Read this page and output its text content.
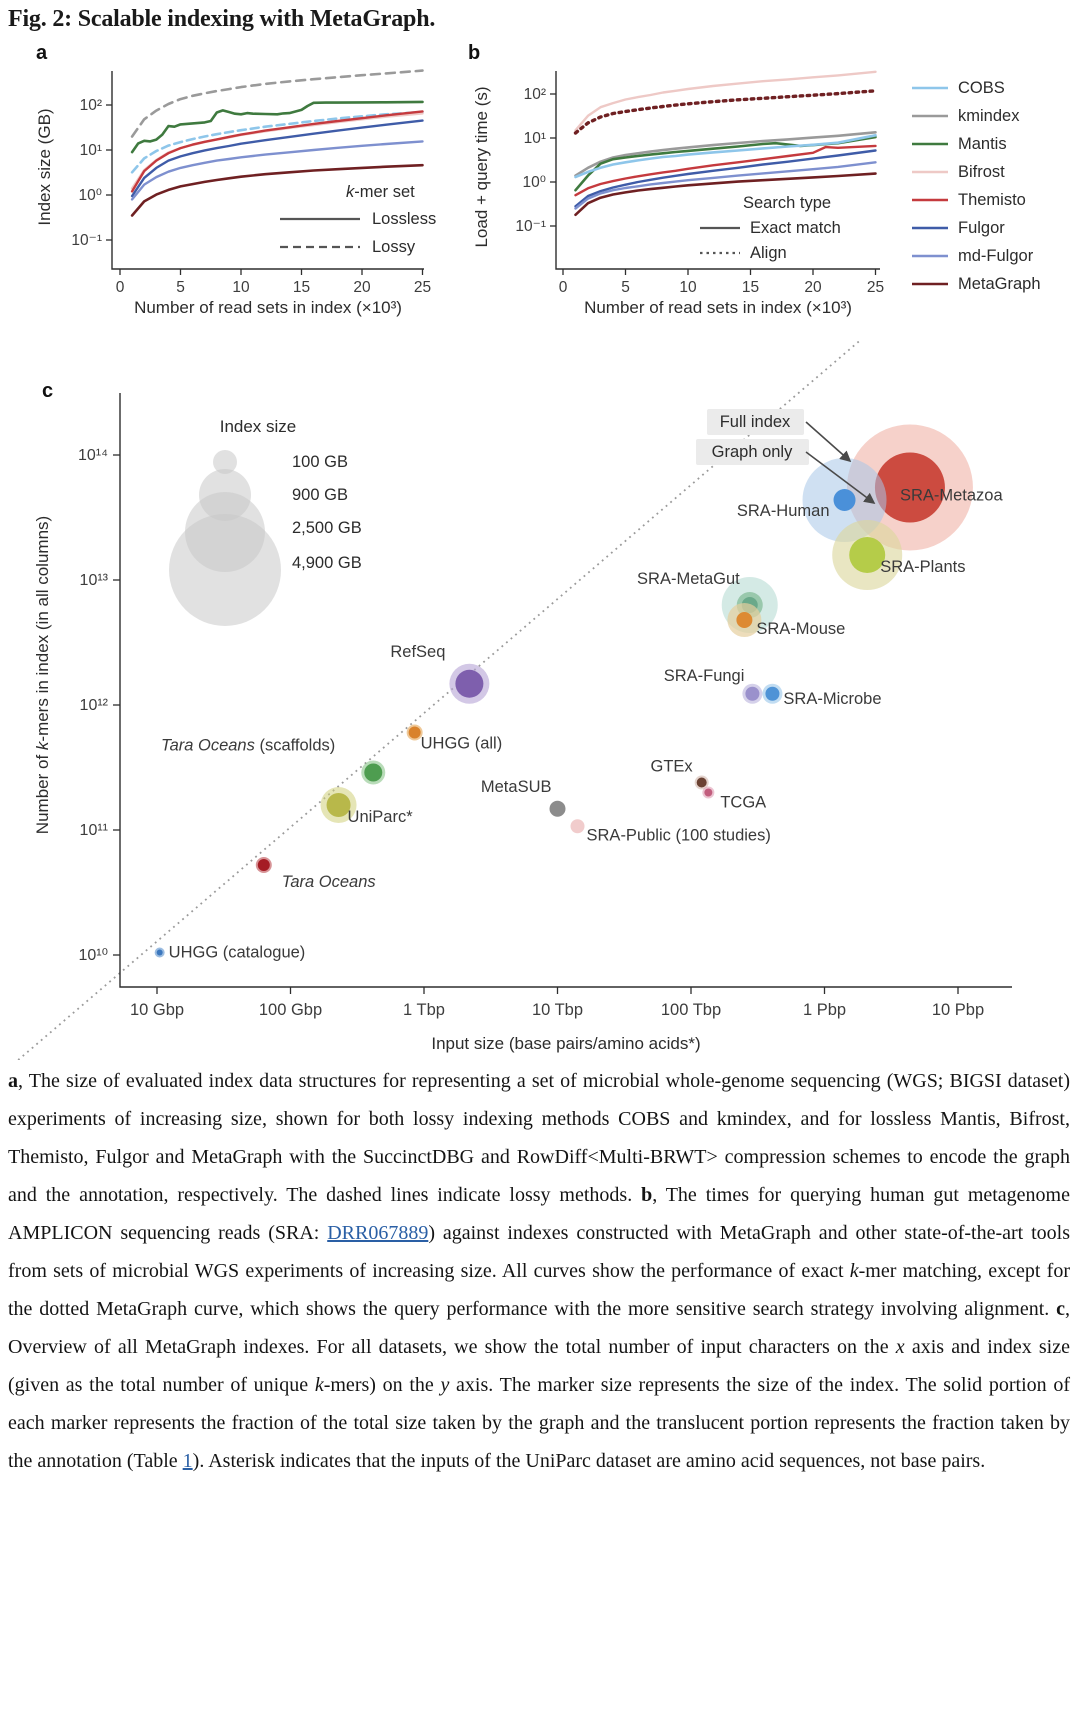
Fig. 2: Scalable indexing with MetaGraph.
10²
10¹
10⁰
10⁻¹
0	5	10	15	20	25
a
Index size (GB)
Number of read sets in index (×10³)
k-mer set
Lossless
Lossy
10²
10¹
10⁰
10⁻¹
0	5	10	15	20	25
b
Load + query time (s)
Number of read sets in index (×10³)
Search type
Exact match
Align
COBS
kmindex
Mantis
Bifrost
Themisto
Fulgor
md-Fulgor
MetaGraph
10¹⁴
10¹³
10¹²
10¹¹
10¹⁰
10 Gbp	100 Gbp	1 Tbp	10 Tbp	100 Tbp	1 Pbp	10 Pbp
c
Number of k-mers in index (in all columns)
Input size (base pairs/amino acids*)
Index size
100 GB
900 GB
2,500 GB
4,900 GB
SRA-Metazoa
SRA-Human
SRA-Plants
SRA-MetaGut
SRA-Mouse
RefSeq
SRA-Fungi
SRA-Microbe
UHGG (all)
Tara Oceans (scaffolds)
UniParc*
MetaSUB
GTEx
TCGA
SRA-Public (100 studies)
Tara Oceans
UHGG (catalogue)
Full index
Graph only

a, The size of evaluated index data structures for representing a set of microbial whole-genome sequencing (WGS; BIGSI dataset) experiments of increasing size, shown for both lossy indexing methods COBS and kmindex, and for lossless Mantis, Bifrost, Themisto, Fulgor and MetaGraph with the SuccinctDBG and RowDiff<Multi-BRWT> compression schemes to encode the graph and the annotation, respectively. The dashed lines indicate lossy methods. b, The times for querying human gut metagenome AMPLICON sequencing reads (SRA: DRR067889) against indexes constructed with MetaGraph and other state-of-the-art tools from sets of microbial WGS experiments of increasing size. All curves show the performance of exact k-mer matching, except for the dotted MetaGraph curve, which shows the query performance with the more sensitive search strategy involving alignment. c, Overview of all MetaGraph indexes. For all datasets, we show the total number of input characters on the x axis and index size (given as the total number of unique k-mers) on the y axis. The marker size represents the size of the index. The solid portion of each marker represents the fraction of the total size taken by the graph and the translucent portion represents the fraction taken by the annotation (Table 1). Asterisk indicates that the inputs of the UniParc dataset are amino acid sequences, not base pairs.
